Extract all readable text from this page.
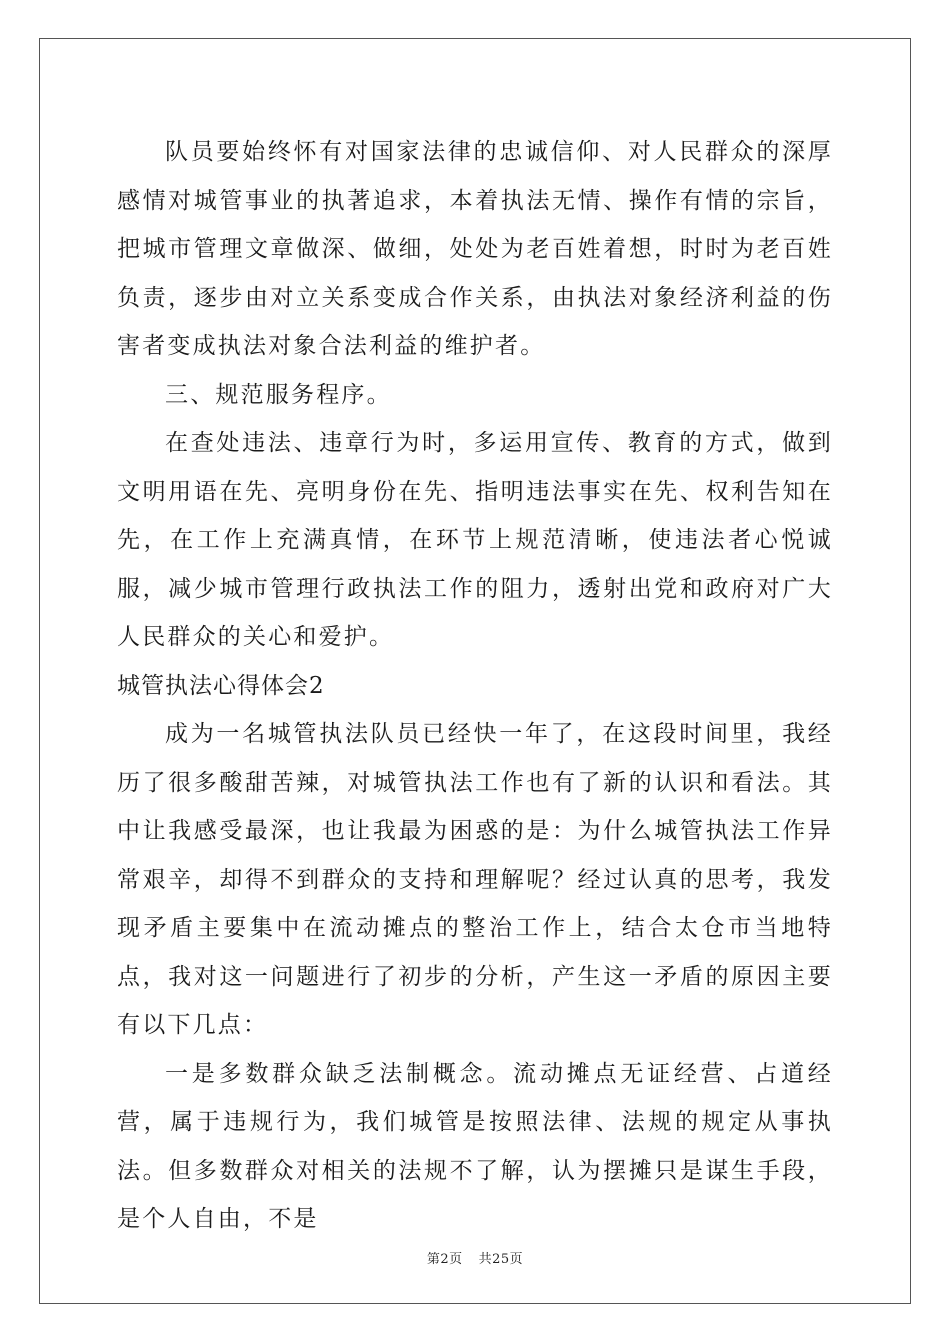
队员要始终怀有对国家法律的忠诚信仰、对人民群众的深厚感情对城管事业的执著追求，本着执法无情、操作有情的宗旨，把城市管理文章做深、做细，处处为老百姓着想，时时为老百姓负责，逐步由对立关系变成合作关系，由执法对象经济利益的伤害者变成执法对象合法利益的维护者。

三、规范服务程序。

在查处违法、违章行为时，多运用宣传、教育的方式，做到文明用语在先、亮明身份在先、指明违法事实在先、权利告知在先，在工作上充满真情，在环节上规范清晰，使违法者心悦诚服，减少城市管理行政执法工作的阻力，透射出党和政府对广大人民群众的关心和爱护。

城管执法心得体会2

成为一名城管执法队员已经快一年了，在这段时间里，我经历了很多酸甜苦辣，对城管执法工作也有了新的认识和看法。其中让我感受最深，也让我最为困惑的是：为什么城管执法工作异常艰辛，却得不到群众的支持和理解呢？经过认真的思考，我发现矛盾主要集中在流动摊点的整治工作上，结合太仓市当地特点，我对这一问题进行了初步的分析，产生这一矛盾的原因主要有以下几点：

一是多数群众缺乏法制概念。流动摊点无证经营、占道经营，属于违规行为，我们城管是按照法律、法规的规定从事执法。但多数群众对相关的法规不了解，认为摆摊只是谋生手段，是个人自由，不是

第2页 共25页
